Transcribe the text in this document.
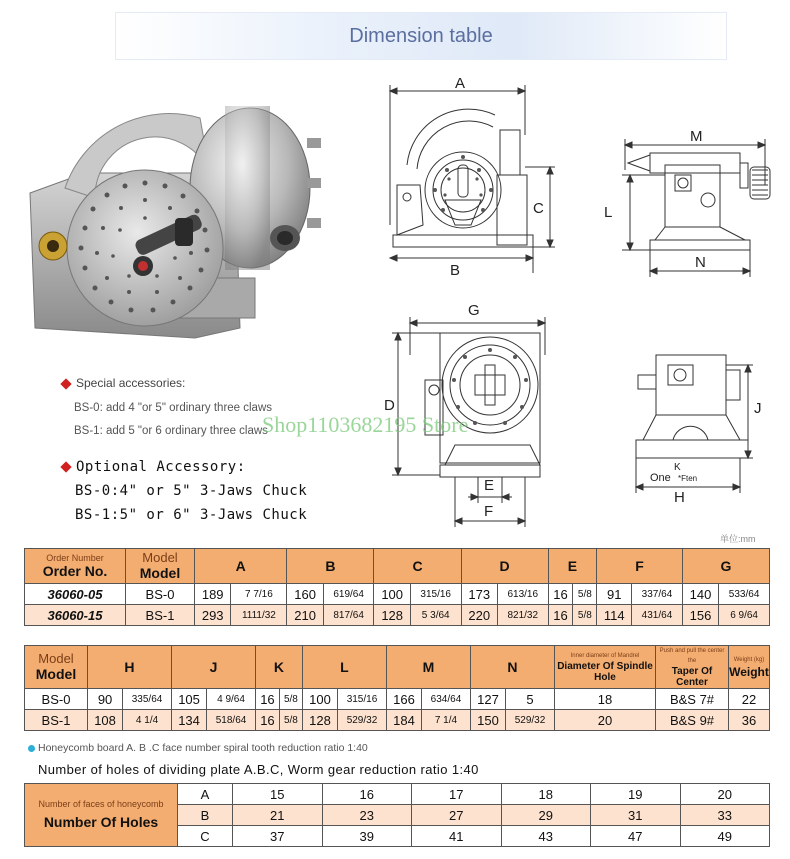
Dimension table
A
B
C
M
L
N
G
D
E
F
J
K
One *Ften
H
Special accessories:
BS-0: add 4 "or 5" ordinary three claws
BS-1: add 5 "or 6 ordinary three claws
Shop1103682195 Store
Optional Accessory:
BS-0:4" or 5" 3-Jaws Chuck
BS-1:5" or 6" 3-Jaws Chuck
单位:mm
Order Number
Order No.	Model
Model	A		B		C		D		E		F		G	
36060-05	BS-0	189	7 7/16	160	619/64	100	315/16	173	613/16	16	5/8	91	337/64	140	533/64
36060-15	BS-1	293	1111/32	210	817/64	128	5 3/64	220	821/32	16	5/8	114	431/64	156	6 9/64
Model
Model	H		J		K		L		M		N		Inner diameter of Mandrel
Diameter Of Spindle Hole	Push and pull the center the
Taper Of Center	Weight (kg)
Weight

BS-0	90	335/64	105	4 9/64	16	5/8	100	315/16	166	634/64	127	5	18	B&S 7#	22
BS-1	108	4 1/4	134	518/64	16	5/8	128	529/32	184	7 1/4	150	529/32	20	B&S 9#	36
Honeycomb board A. B .C face number spiral tooth reduction ratio 1:40
Number of holes of dividing plate A.B.C, Worm gear reduction ratio 1:40
Number of faces of honeycomb
Number Of Holes	A	15	16	17	18	19	20
	B	21	23	27	29	31	33
	C	37	39	41	43	47	49
